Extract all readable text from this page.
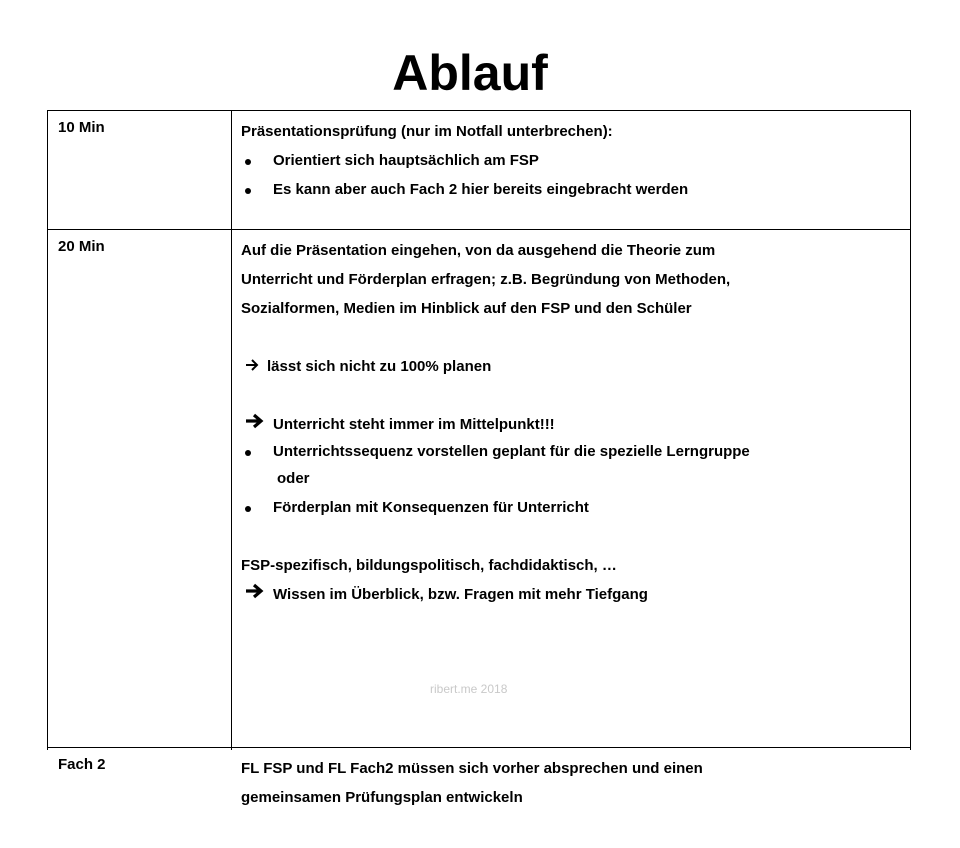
Ablauf
10 Min	Präsentationsprüfung (nur im Notfall unterbrechen):
Orientiert sich hauptsächlich am FSP
Es kann aber auch Fach 2 hier bereits eingebracht werden
20 Min	Auf die Präsentation eingehen, von da ausgehend die Theorie zum
Unterricht und Förderplan erfragen; z.B. Begründung von Methoden,
Sozialformen, Medien im Hinblick auf den FSP und den Schüler
lässt sich nicht zu 100% planen
Unterricht steht immer im Mittelpunkt!!!
Unterrichtssequenz vorstellen geplant für die spezielle Lerngruppe
oder
Förderplan mit Konsequenzen für Unterricht
FSP-spezifisch, bildungspolitisch, fachdidaktisch, …
Wissen im Überblick, bzw. Fragen mit mehr Tiefgang
Fach 2	FL FSP und FL Fach2 müssen sich vorher absprechen und einen
gemeinsamen Prüfungsplan entwickeln
ribert.me 2018
